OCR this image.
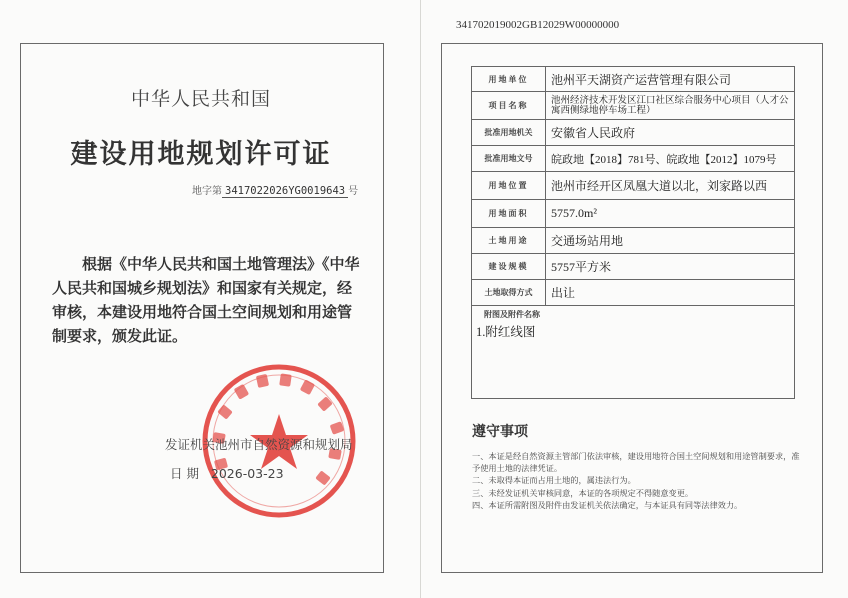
中华人民共和国
建设用地规划许可证
地字第 3417022026YG0019643 号
根据《中华人民共和国土地管理法》《中华人民共和国城乡规划法》和国家有关规定，经审核，本建设用地符合国土空间规划和用途管制要求，颁发此证。
发证机关池州市自然资源和规划局
日 期 2026-03-23
341702019002GB12029W00000000
用地单位	池州平天湖资产运营管理有限公司
项目名称	池州经济技术开发区江口社区综合服务中心项目（人才公寓西侧绿地停车场工程）
批准用地机关	安徽省人民政府
批准用地文号	皖政地【2018】781号、皖政地【2012】1079号
用地位置	池州市经开区凤凰大道以北，刘家路以西
用地面积	5757.0m²
土地用途	交通场站用地
建设规模	5757平方米
土地取得方式	出让

附图及附件名称
1.附红线图	
遵守事项
一、本证是经自然资源主管部门依法审核，建设用地符合国土空间规划和用途管制要求，准予使用土地的法律凭证。
二、未取得本证而占用土地的，属违法行为。
三、未经发证机关审核同意，本证的各项规定不得随意变更。
四、本证所需附图及附件由发证机关依法确定，与本证具有同等法律效力。
